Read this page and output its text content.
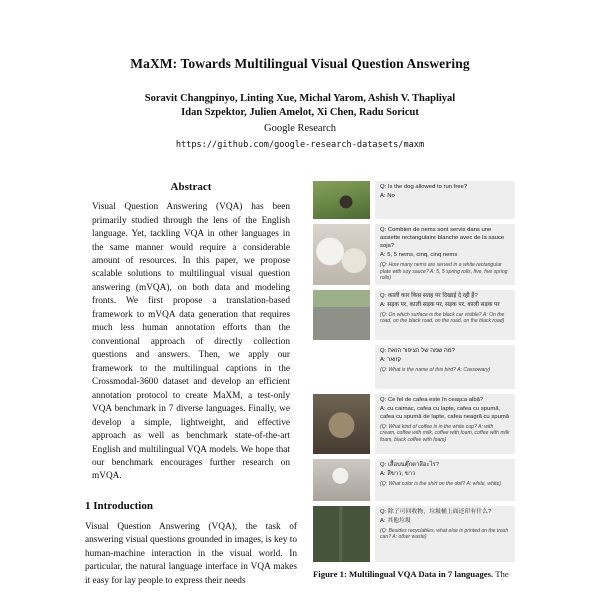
MaXM: Towards Multilingual Visual Question Answering
Soravit Changpinyo, Linting Xue, Michal Yarom, Ashish V. Thapliyal
Idan Szpektor, Julien Amelot, Xi Chen, Radu Soricut
Google Research
https://github.com/google-research-datasets/maxm
Abstract

Visual Question Answering (VQA) has been primarily studied through the lens of the English language. Yet, tackling VQA in other languages in the same manner would require a considerable amount of resources. In this paper, we propose scalable solutions to multilingual visual question answering (mVQA), on both data and modeling fronts. We first propose a translation-based framework to mVQA data generation that requires much less human annotation efforts than the conventional approach of directly collection questions and answers. Then, we apply our framework to the multilingual captions in the Crossmodal-3600 dataset and develop an efficient annotation protocol to create MaXM, a test-only VQA benchmark in 7 diverse languages. Finally, we develop a simple, lightweight, and effective approach as well as benchmark state-of-the-art English and multilingual VQA models. We hope that our benchmark encourages further research on mVQA.

1 Introduction

Visual Question Answering (VQA), the task of answering visual questions grounded in images, is key to human-machine interaction in the visual world. In particular, the natural language interface in VQA makes it easy for lay people to express their needs

Q: Is the dog allowed to run free?
A: No
Q: Combien de nems sont servis dans une assiette rectangulaire blanche avec de la sauce soja?
A: 5, 5 nems, cinq, cinq nems
(Q: How many nems are served in a white rectangular plate with soy sauce? A: 5, 5 spring rolls, five, five spring rolls)
Q: काली कार किस सतह पर दिखाई दे रही है?
A: सड़क पर, काली सड़क पर, सड़क पर, काली सड़क पर
(Q: On which surface is the black car visible? A: On the road, on the black road, on the road, on the black road)
Q: מה שמה של הציפור הזאת?
A: קזואר
(Q: What is the name of this bird? A: Cassowary)
Q: Ce fel de cafea este în ceașca albă?
A: cu caimac, cafea cu lapte, cafea cu spumă, cafea cu spumă de lapte, cafea neagră cu spumă
(Q: What kind of coffee is in the white cup? A: with cream, coffee with milk, coffee with foam, coffee with milk foam, black coffee with foam)
Q: เสื้อบนตุ๊กตาสีอะไร?
A: สีขาว, ขาว
(Q: What color is the shirt on the doll? A: white, white)
Q: 除了可回收物，垃圾桶上面还印有什么?
A: 其他垃圾
(Q: Besides recyclables, what else is printed on the trash can? A: other waste)
Figure 1: Multilingual VQA Data in 7 languages. The
